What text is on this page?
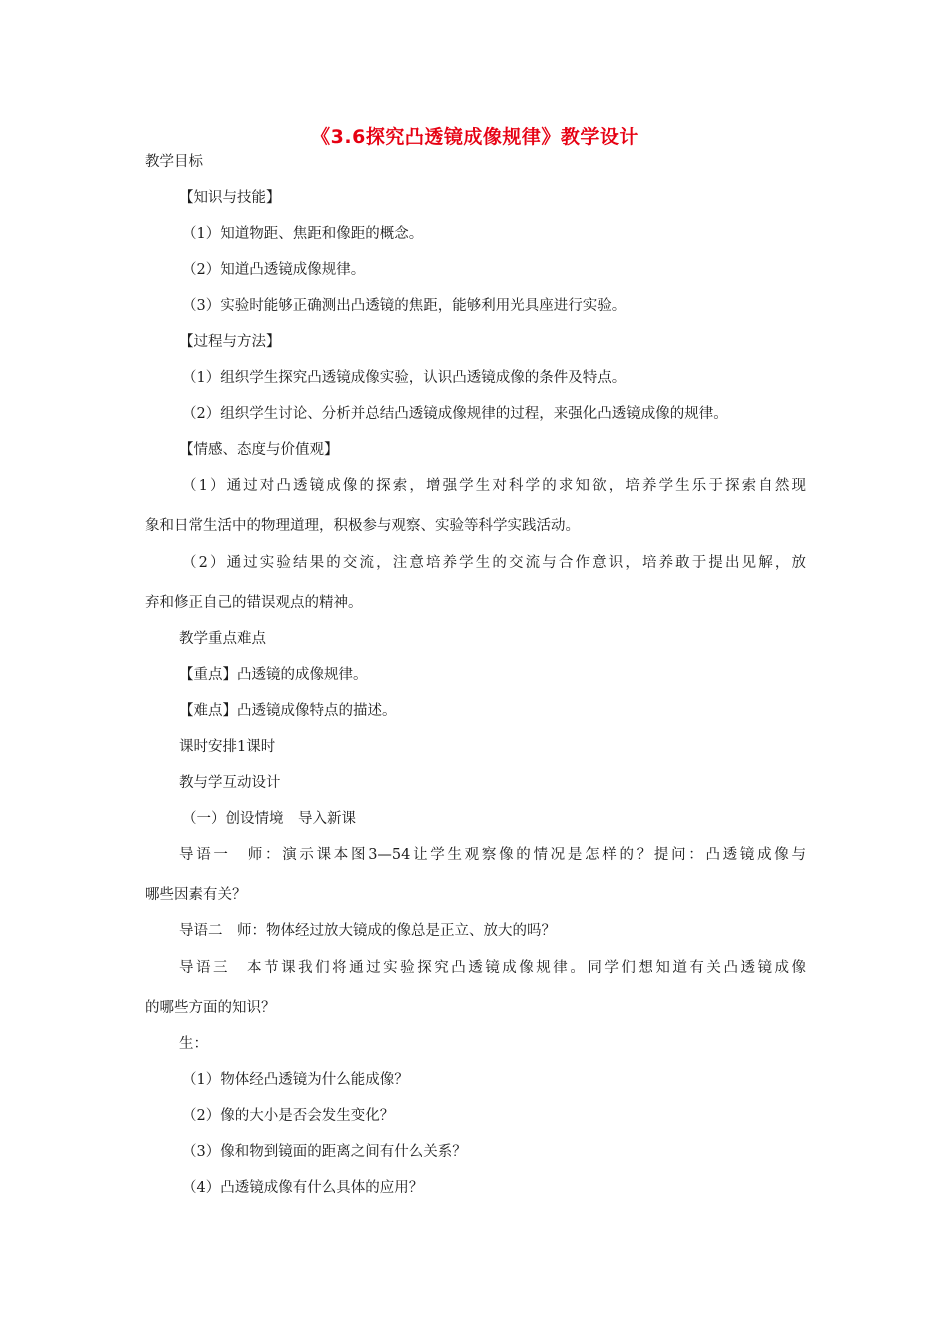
《3.6探究凸透镜成像规律》教学设计
教学目标
【知识与技能】
（1）知道物距、焦距和像距的概念。
（2）知道凸透镜成像规律。
（3）实验时能够正确测出凸透镜的焦距，能够利用光具座进行实验。
【过程与方法】
（1）组织学生探究凸透镜成像实验，认识凸透镜成像的条件及特点。
（2）组织学生讨论、分析并总结凸透镜成像规律的过程，来强化凸透镜成像的规律。
【情感、态度与价值观】
（1）通过对凸透镜成像的探索，增强学生对科学的求知欲，培养学生乐于探索自然现
象和日常生活中的物理道理，积极参与观察、实验等科学实践活动。
（2）通过实验结果的交流，注意培养学生的交流与合作意识，培养敢于提出见解，放
弃和修正自己的错误观点的精神。
教学重点难点
【重点】凸透镜的成像规律。
【难点】凸透镜成像特点的描述。
课时安排1课时
教与学互动设计
（一）创设情境　导入新课
导语一　师：演示课本图3—54让学生观察像的情况是怎样的？提问：凸透镜成像与
哪些因素有关？
导语二　师：物体经过放大镜成的像总是正立、放大的吗？
导语三　本节课我们将通过实验探究凸透镜成像规律。同学们想知道有关凸透镜成像
的哪些方面的知识？
生：
（1）物体经凸透镜为什么能成像？
（2）像的大小是否会发生变化？
（3）像和物到镜面的距离之间有什么关系？
（4）凸透镜成像有什么具体的应用？
